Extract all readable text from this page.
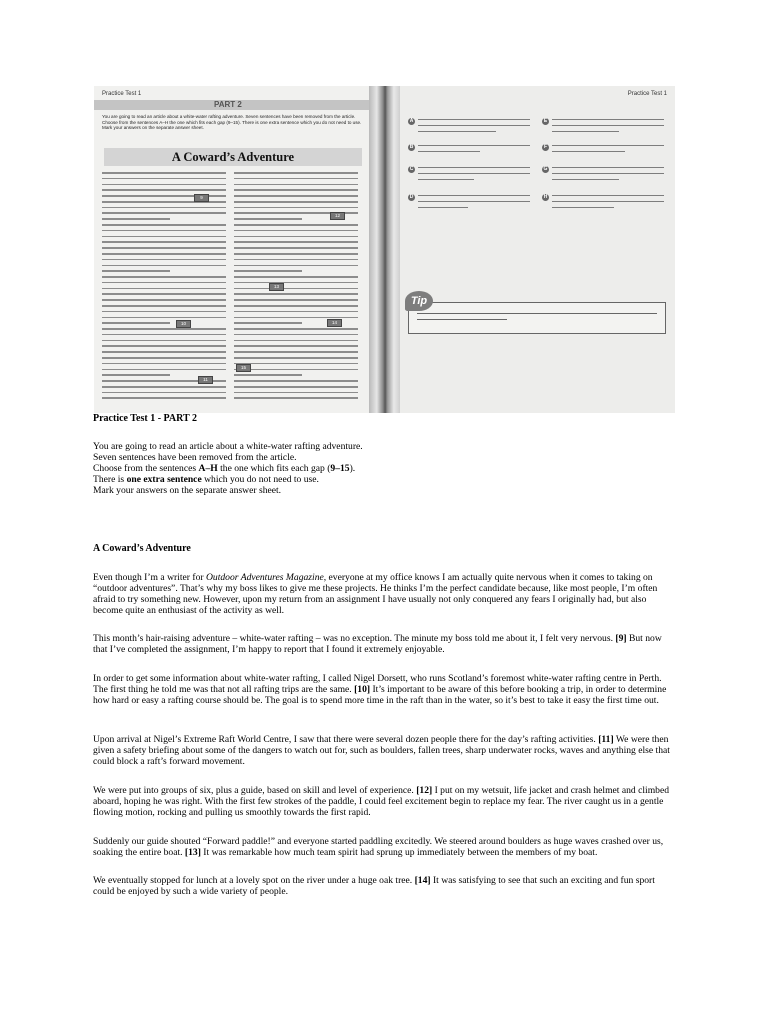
Practice Test 1
PART 2
You are going to read an article about a white-water rafting adventure. Seven sentences have been removed from the article. Choose from the sentences A–H the one which fits each gap (9–15). There is one extra sentence which you do not need to use. Mark your answers on the separate answer sheet.
A Coward’s Adventure
9
10
11
12
13
14
15
Practice Test 1
A	E
B	F
C	G
D	H
Tip
Practice Test 1 - PART 2
You are going to read an article about a white-water rafting adventure.
Seven sentences have been removed from the article.
Choose from the sentences A–H the one which fits each gap (9–15).
There is one extra sentence which you do not need to use.
Mark your answers on the separate answer sheet.
A Coward’s Adventure
Even though I’m a writer for Outdoor Adventures Magazine, everyone at my office knows I am actually quite nervous when it comes to taking on “outdoor adventures”. That’s why my boss likes to give me these projects. He thinks I’m the perfect candidate because, like most people, I’m often afraid to try something new. However, upon my return from an assignment I have usually not only conquered any fears I originally had, but also become quite an enthusiast of the activity as well.
This month’s hair-raising adventure – white-water rafting – was no exception. The minute my boss told me about it, I felt very nervous. [9] But now that I’ve completed the assignment, I’m happy to report that I found it extremely enjoyable.
In order to get some information about white-water rafting, I called Nigel Dorsett, who runs Scotland’s foremost white-water rafting centre in Perth. The first thing he told me was that not all rafting trips are the same. [10] It’s important to be aware of this before booking a trip, in order to determine how hard or easy a rafting course should be. The goal is to spend more time in the raft than in the water, so it’s best to take it easy the first time out.
Upon arrival at Nigel’s Extreme Raft World Centre, I saw that there were several dozen people there for the day’s rafting activities. [11] We were then given a safety briefing about some of the dangers to watch out for, such as boulders, fallen trees, sharp underwater rocks, waves and anything else that could block a raft’s forward movement.
We were put into groups of six, plus a guide, based on skill and level of experience. [12] I put on my wetsuit, life jacket and crash helmet and climbed aboard, hoping he was right. With the first few strokes of the paddle, I could feel excitement begin to replace my fear. The river caught us in a gentle flowing motion, rocking and pulling us smoothly towards the first rapid.
Suddenly our guide shouted “Forward paddle!” and everyone started paddling excitedly. We steered around boulders as huge waves crashed over us, soaking the entire boat. [13] It was remarkable how much team spirit had sprung up immediately between the members of my boat.
We eventually stopped for lunch at a lovely spot on the river under a huge oak tree. [14] It was satisfying to see that such an exciting and fun sport could be enjoyed by such a wide variety of people.
